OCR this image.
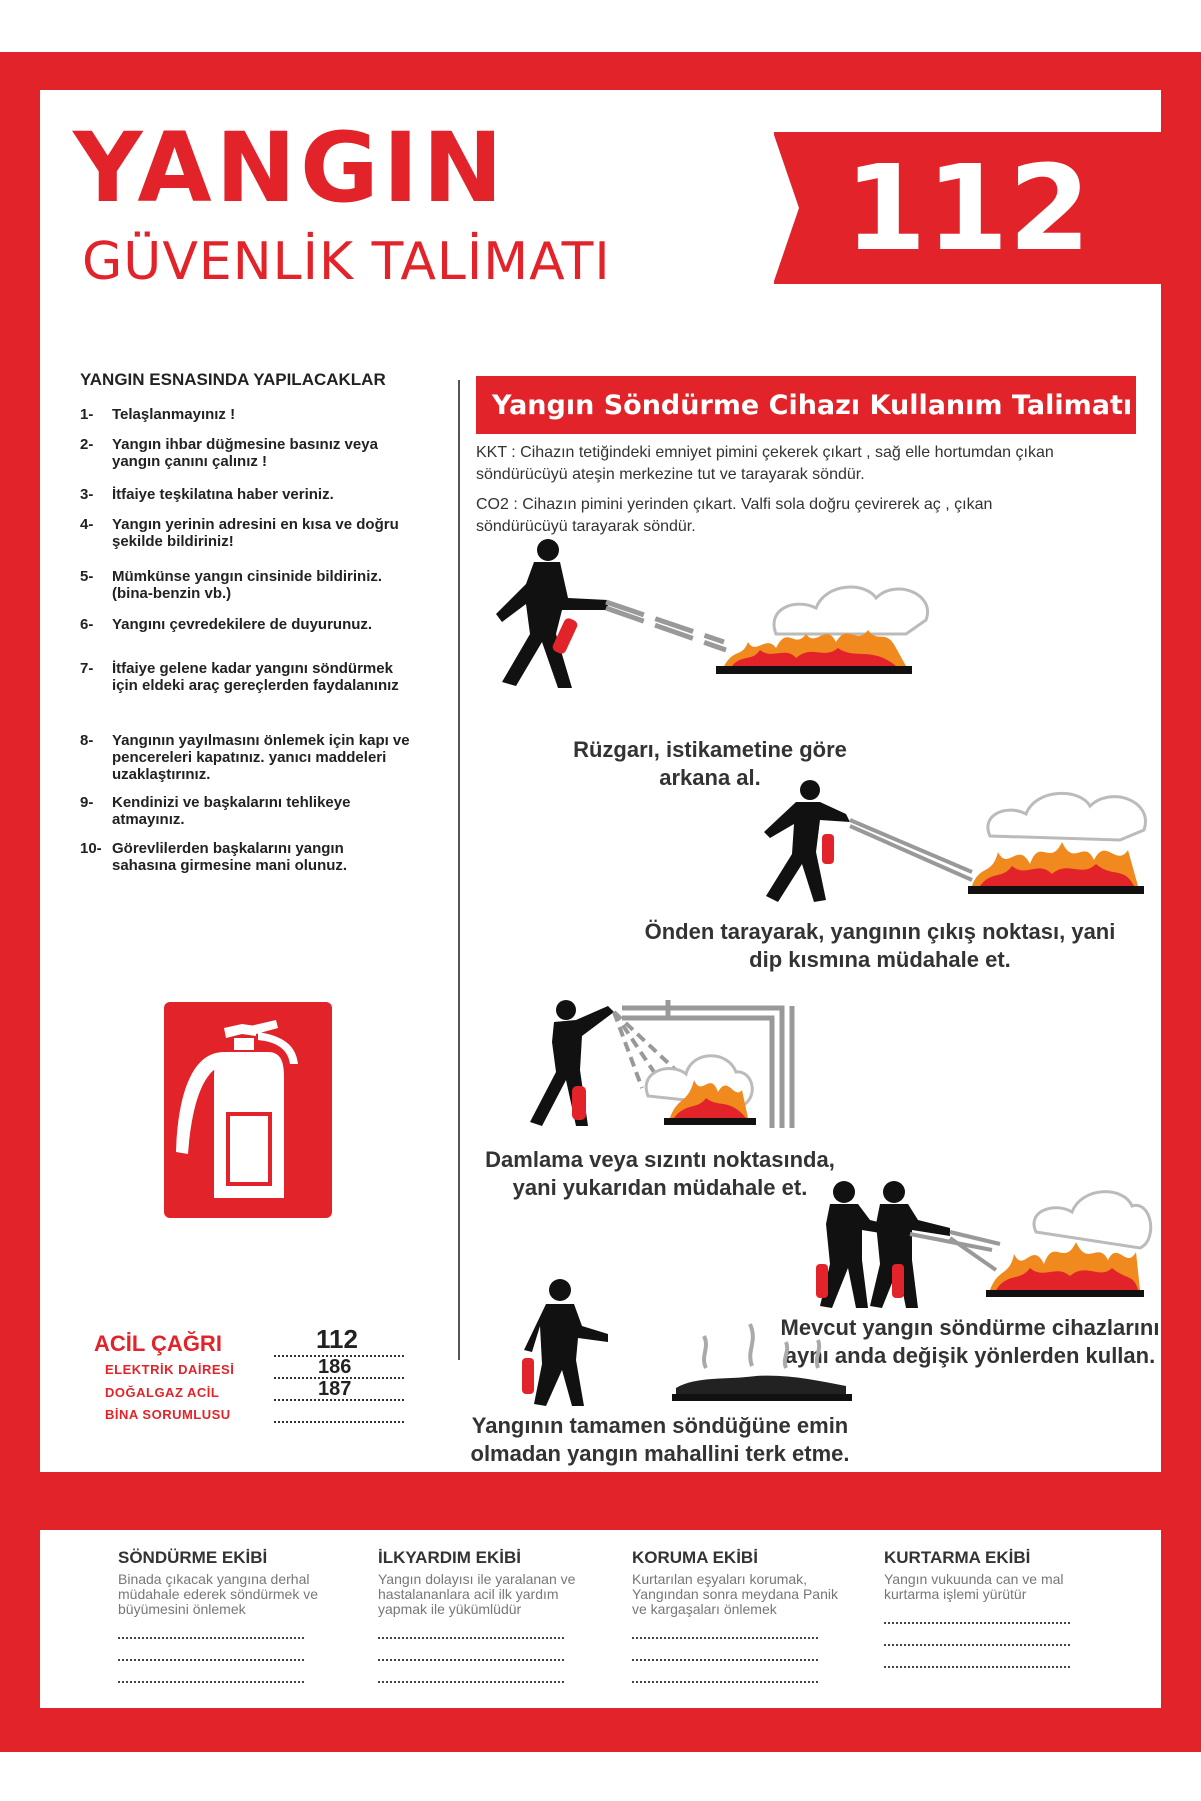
YANGIN
GÜVENLİK TALİMATI	112
YANGIN ESNASINDA YAPILACAKLAR
1- Telaşlanmayınız !
2- Yangın ihbar düğmesine basınız veya yangın çanını çalınız !
3- İtfaiye teşkilatına haber veriniz.
4- Yangın yerinin adresini en kısa ve doğru şekilde bildiriniz!
5- Mümkünse yangın cinsinide bildiriniz. (bina-benzin vb.)
6- Yangını çevredekilere de duyurunuz.
7- İtfaiye gelene kadar yangını söndürmek için eldeki araç gereçlerden faydalanınız
8- Yangının yayılmasını önlemek için kapı ve pencereleri kapatınız. yanıcı maddeleri uzaklaştırınız.
9- Kendinizi ve başkalarını tehlikeye atmayınız.
10- Görevlilerden başkalarını yangın sahasına girmesine mani olunuz.
ACİL ÇAĞRI	112
ELEKTRİK DAİRESİ	186
DOĞALGAZ ACİL	187
BİNA SORUMLUSU
Yangın Söndürme Cihazı Kullanım Talimatı
KKT : Cihazın tetiğindeki emniyet pimini çekerek çıkart , sağ elle hortumdan çıkan söndürücüyü ateşin merkezine tut ve tarayarak söndür.
CO2 : Cihazın pimini yerinden çıkart. Valfi sola doğru çevirerek aç , çıkan söndürücüyü tarayarak söndür.
Rüzgarı, istikametine göre arkana al.
Önden tarayarak, yangının çıkış noktası, yani dip kısmına müdahale et.
Damlama veya sızıntı noktasında, yani yukarıdan müdahale et.
Mevcut yangın söndürme cihazlarını aynı anda değişik yönlerden kullan.
Yangının tamamen söndüğüne emin olmadan yangın mahallini terk etme.
SÖNDÜRME EKİBİ
Binada çıkacak yangına derhal müdahale ederek söndürmek ve büyümesini önlemek
İLKYARDIM EKİBİ
Yangın dolayısı ile yaralanan ve hastalananlara acil ilk yardım yapmak ile yükümlüdür
KORUMA EKİBİ
Kurtarılan eşyaları korumak, Yangından sonra meydana Panik ve kargaşaları önlemek
KURTARMA EKİBİ
Yangın vukuunda can ve mal kurtarma işlemi yürütür
